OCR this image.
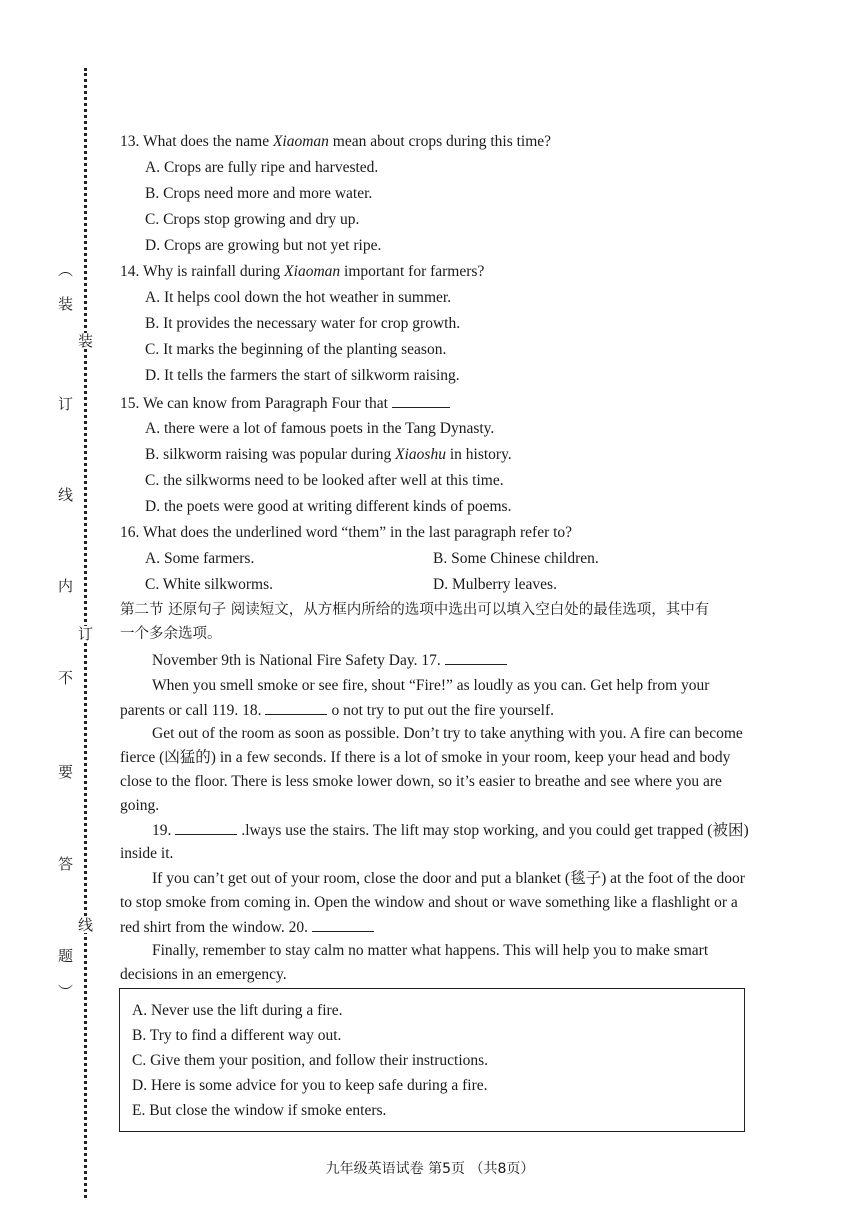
︵
装
订
线
内
不
要
答
题
︶
装
订
线
13. What does the name Xiaoman mean about crops during this time?
A. Crops are fully ripe and harvested.
B. Crops need more and more water.
C. Crops stop growing and dry up.
D. Crops are growing but not yet ripe.
14. Why is rainfall during Xiaoman important for farmers?
A. It helps cool down the hot weather in summer.
B. It provides the necessary water for crop growth.
C. It marks the beginning of the planting season.
D. It tells the farmers the start of silkworm raising.
15. We can know from Paragraph Four that
A. there were a lot of famous poets in the Tang Dynasty.
B. silkworm raising was popular during Xiaoshu in history.
C. the silkworms need to be looked after well at this time.
D. the poets were good at writing different kinds of poems.
16. What does the underlined word “them” in the last paragraph refer to?
A. Some farmers.	B. Some Chinese children.
C. White silkworms.	D. Mulberry leaves.
第二节 还原句子 阅读短文，从方框内所给的选项中选出可以填入空白处的最佳选项，其中有
一个多余选项。
November 9th is National Fire Safety Day. 17.
When you smell smoke or see fire, shout “Fire!” as loudly as you can. Get help from your
parents or call 119. 18.	o not try to put out the fire yourself.
Get out of the room as soon as possible. Don’t try to take anything with you. A fire can become
fierce (凶猛的) in a few seconds. If there is a lot of smoke in your room, keep your head and body
close to the floor. There is less smoke lower down, so it’s easier to breathe and see where you are
going.
19.	.lways use the stairs. The lift may stop working, and you could get trapped (被困)
inside it.
If you can’t get out of your room, close the door and put a blanket (毯子) at the foot of the door
to stop smoke from coming in. Open the window and shout or wave something like a flashlight or a
red shirt from the window. 20.
Finally, remember to stay calm no matter what happens. This will help you to make smart
decisions in an emergency.
A. Never use the lift during a fire.
B. Try to find a different way out.
C. Give them your position, and follow their instructions.
D. Here is some advice for you to keep safe during a fire.
E. But close the window if smoke enters.
九年级英语试卷 第5页 （共8页）
